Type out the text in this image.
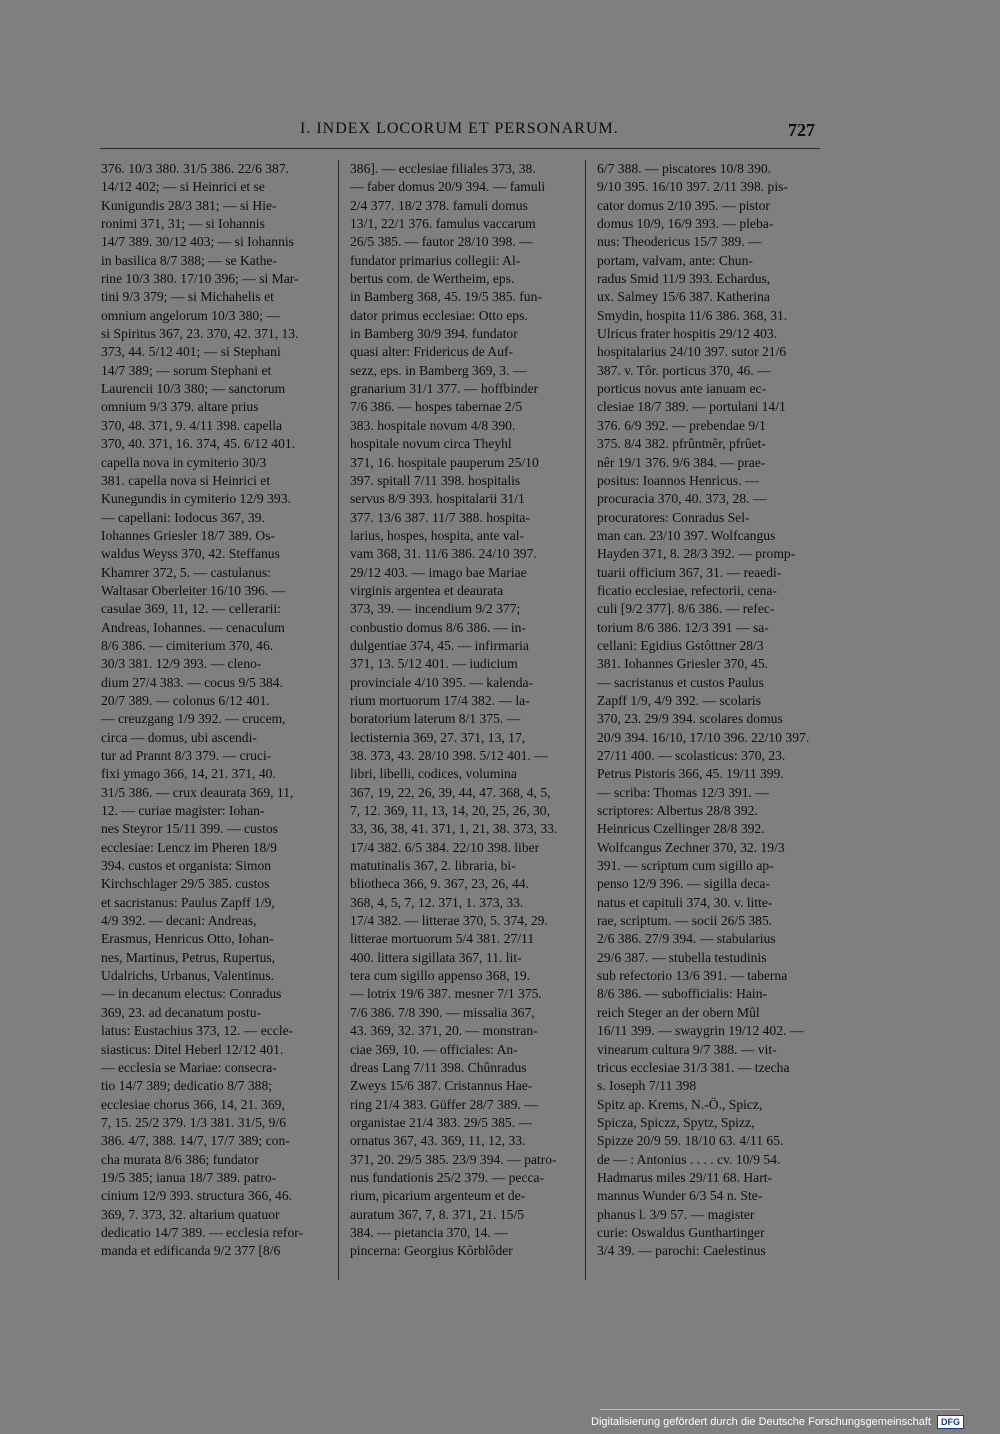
I. INDEX LOCORUM ET PERSONARUM.	727
376. 10/3 380. 31/5 386. 22/6 387.
14/12 402; — si Heinrici et se
Kunigundis 28/3 381; — si Hie-
ronimi 371, 31; — si Iohannis
14/7 389. 30/12 403; — si Iohannis
in basilica 8/7 388; — se Kathe-
rine 10/3 380. 17/10 396; — si Mar-
tini 9/3 379; — si Michahelis et
omnium angelorum 10/3 380; —
si Spiritus 367, 23. 370, 42. 371, 13.
373, 44. 5/12 401; — si Stephani
14/7 389; — sorum Stephani et
Laurencii 10/3 380; — sanctorum
omnium 9/3 379. altare prius
370, 48. 371, 9. 4/11 398. capella
370, 40. 371, 16. 374, 45. 6/12 401.
capella nova in cymiterio 30/3
381. capella nova si Heinrici et
Kunegundis in cymiterio 12/9 393.
— capellani: Iodocus 367, 39.
Iohannes Griesler 18/7 389. Os-
waldus Weyss 370, 42. Steffanus
Khamrer 372, 5. — castulanus:
Waltasar Oberleiter 16/10 396. —
casulae 369, 11, 12. — cellerarii:
Andreas, Iohannes. — cenaculum
8/6 386. — cimiterium 370, 46.
30/3 381. 12/9 393. — cleno-
dium 27/4 383. — cocus 9/5 384.
20/7 389. — colonus 6/12 401.
— creuzgang 1/9 392. — crucem,
circa — domus, ubi ascendi-
tur ad Prannt 8/3 379. — cruci-
fixi ymago 366, 14, 21. 371, 40.
31/5 386. — crux deaurata 369, 11,
12. — curiae magister: Iohan-
nes Steyror 15/11 399. — custos
ecclesiae: Lencz im Pheren 18/9
394. custos et organista: Simon
Kirchschlager 29/5 385. custos
et sacristanus: Paulus Zapff 1/9,
4/9 392. — decani: Andreas,
Erasmus, Henricus Otto, Iohan-
nes, Martinus, Petrus, Rupertus,
Udalrichs, Urbanus, Valentinus.
— in decanum electus: Conradus
369, 23. ad decanatum postu-
latus: Eustachius 373, 12. — eccle-
siasticus: Ditel Heberl 12/12 401.
— ecclesia se Mariae: consecra-
tio 14/7 389; dedicatio 8/7 388;
ecclesiae chorus 366, 14, 21. 369,
7, 15. 25/2 379. 1/3 381. 31/5, 9/6
386. 4/7, 388. 14/7, 17/7 389; con-
cha murata 8/6 386; fundator
19/5 385; ianua 18/7 389. patro-
cinium 12/9 393. structura 366, 46.
369, 7. 373, 32. altarium quatuor
dedicatio 14/7 389. — ecclesia refor-
manda et edificanda 9/2 377 [8/6
386]. — ecclesiae filiales 373, 38.
— faber domus 20/9 394. — famuli
2/4 377. 18/2 378. famuli domus
13/1, 22/1 376. famulus vaccarum
26/5 385. — fautor 28/10 398. —
fundator primarius collegii: Al-
bertus com. de Wertheim, eps.
in Bamberg 368, 45. 19/5 385. fun-
dator primus ecclesiae: Otto eps.
in Bamberg 30/9 394. fundator
quasi alter: Fridericus de Auf-
sezz, eps. in Bamberg 369, 3. —
granarium 31/1 377. — hoffbinder
7/6 386. — hospes tabernae 2/5
383. hospitale novum 4/8 390.
hospitale novum circa Theyhl
371, 16. hospitale pauperum 25/10
397. spitall 7/11 398. hospitalis
servus 8/9 393. hospitalarii 31/1
377. 13/6 387. 11/7 388. hospita-
larius, hospes, hospita, ante val-
vam 368, 31. 11/6 386. 24/10 397.
29/12 403. — imago bae Mariae
virginis argentea et deaurata
373, 39. — incendium 9/2 377;
conbustio domus 8/6 386. — in-
dulgentiae 374, 45. — infirmaria
371, 13. 5/12 401. — iudicium
provinciale 4/10 395. — kalenda-
rium mortuorum 17/4 382. — la-
boratorium laterum 8/1 375. —
lectisternia 369, 27. 371, 13, 17,
38. 373, 43. 28/10 398. 5/12 401. —
libri, libelli, codices, volumina
367, 19, 22, 26, 39, 44, 47. 368, 4, 5,
7, 12. 369, 11, 13, 14, 20, 25, 26, 30,
33, 36, 38, 41. 371, 1, 21, 38. 373, 33.
17/4 382. 6/5 384. 22/10 398. liber
matutinalis 367, 2. libraria, bi-
bliotheca 366, 9. 367, 23, 26, 44.
368, 4, 5, 7, 12. 371, 1. 373, 33.
17/4 382. — litterae 370, 5. 374, 29.
litterae mortuorum 5/4 381. 27/11
400. littera sigillata 367, 11. lit-
tera cum sigillo appenso 368, 19.
— lotrix 19/6 387. mesner 7/1 375.
7/6 386. 7/8 390. — missalia 367,
43. 369, 32. 371, 20. — monstran-
ciae 369, 10. — officiales: An-
dreas Lang 7/11 398. Chûnradus
Zweys 15/6 387. Cristannus Hae-
ring 21/4 383. Güffer 28/7 389. —
organistae 21/4 383. 29/5 385. —
ornatus 367, 43. 369, 11, 12, 33.
371, 20. 29/5 385. 23/9 394. — patro-
nus fundationis 25/2 379. — pecca-
rium, picarium argenteum et de-
auratum 367, 7, 8. 371, 21. 15/5
384. — pietancia 370, 14. —
pincerna: Georgius Kôrblôder
6/7 388. — piscatores 10/8 390.
9/10 395. 16/10 397. 2/11 398. pis-
cator domus 2/10 395. — pistor
domus 10/9, 16/9 393. — pleba-
nus: Theodericus 15/7 389. —
portam, valvam, ante: Chun-
radus Smid 11/9 393. Echardus,
ux. Salmey 15/6 387. Katherina
Smydin, hospita 11/6 386. 368, 31.
Ulricus frater hospitis 29/12 403.
hospitalarius 24/10 397. sutor 21/6
387. v. Tôr. porticus 370, 46. —
porticus novus ante ianuam ec-
clesiae 18/7 389. — portulani 14/1
376. 6/9 392. — prebendae 9/1
375. 8/4 382. pfrûntnêr, pfrûet-
nêr 19/1 376. 9/6 384. — prae-
positus: Ioannos Henricus. —
procuracia 370, 40. 373, 28. —
procuratores: Conradus Sel-
man can. 23/10 397. Wolfcangus
Hayden 371, 8. 28/3 392. — promp-
tuarii officium 367, 31. — reaedi-
ficatio ecclesiae, refectorii, cena-
culi [9/2 377]. 8/6 386. — refec-
torium 8/6 386. 12/3 391 — sa-
cellani: Egidius Gstôttner 28/3
381. Iohannes Griesler 370, 45.
— sacristanus et custos Paulus
Zapff 1/9, 4/9 392. — scolaris
370, 23. 29/9 394. scolares domus
20/9 394. 16/10, 17/10 396. 22/10 397.
27/11 400. — scolasticus: 370, 23.
Petrus Pistoris 366, 45. 19/11 399.
— scriba: Thomas 12/3 391. —
scriptores: Albertus 28/8 392.
Heinricus Czellinger 28/8 392.
Wolfcangus Zechner 370, 32. 19/3
391. — scriptum cum sigillo ap-
penso 12/9 396. — sigilla deca-
natus et capituli 374, 30. v. litte-
rae, scriptum. — socii 26/5 385.
2/6 386. 27/9 394. — stabularius
29/6 387. — stubella testudinis
sub refectorio 13/6 391. — taberna
8/6 386. — subofficialis: Hain-
reich Steger an der obern Mûl
16/11 399. — swaygrin 19/12 402. —
vinearum cultura 9/7 388. — vit-
tricus ecclesiae 31/3 381. — tzecha
s. Ioseph 7/11 398
Spitz ap. Krems, N.-Ö., Spicz,
Spicza, Spiczz, Spytz, Spizz,
Spizze 20/9 59. 18/10 63. 4/11 65.
de — : Antonius . . . . cv. 10/9 54.
Hadmarus miles 29/11 68. Hart-
mannus Wunder 6/3 54 n. Ste-
phanus l. 3/9 57. — magister
curie: Oswaldus Gunthartinger
3/4 39. — parochi: Caelestinus
Digitalisierung gefördert durch die Deutsche Forschungsgemeinschaft	DFG
